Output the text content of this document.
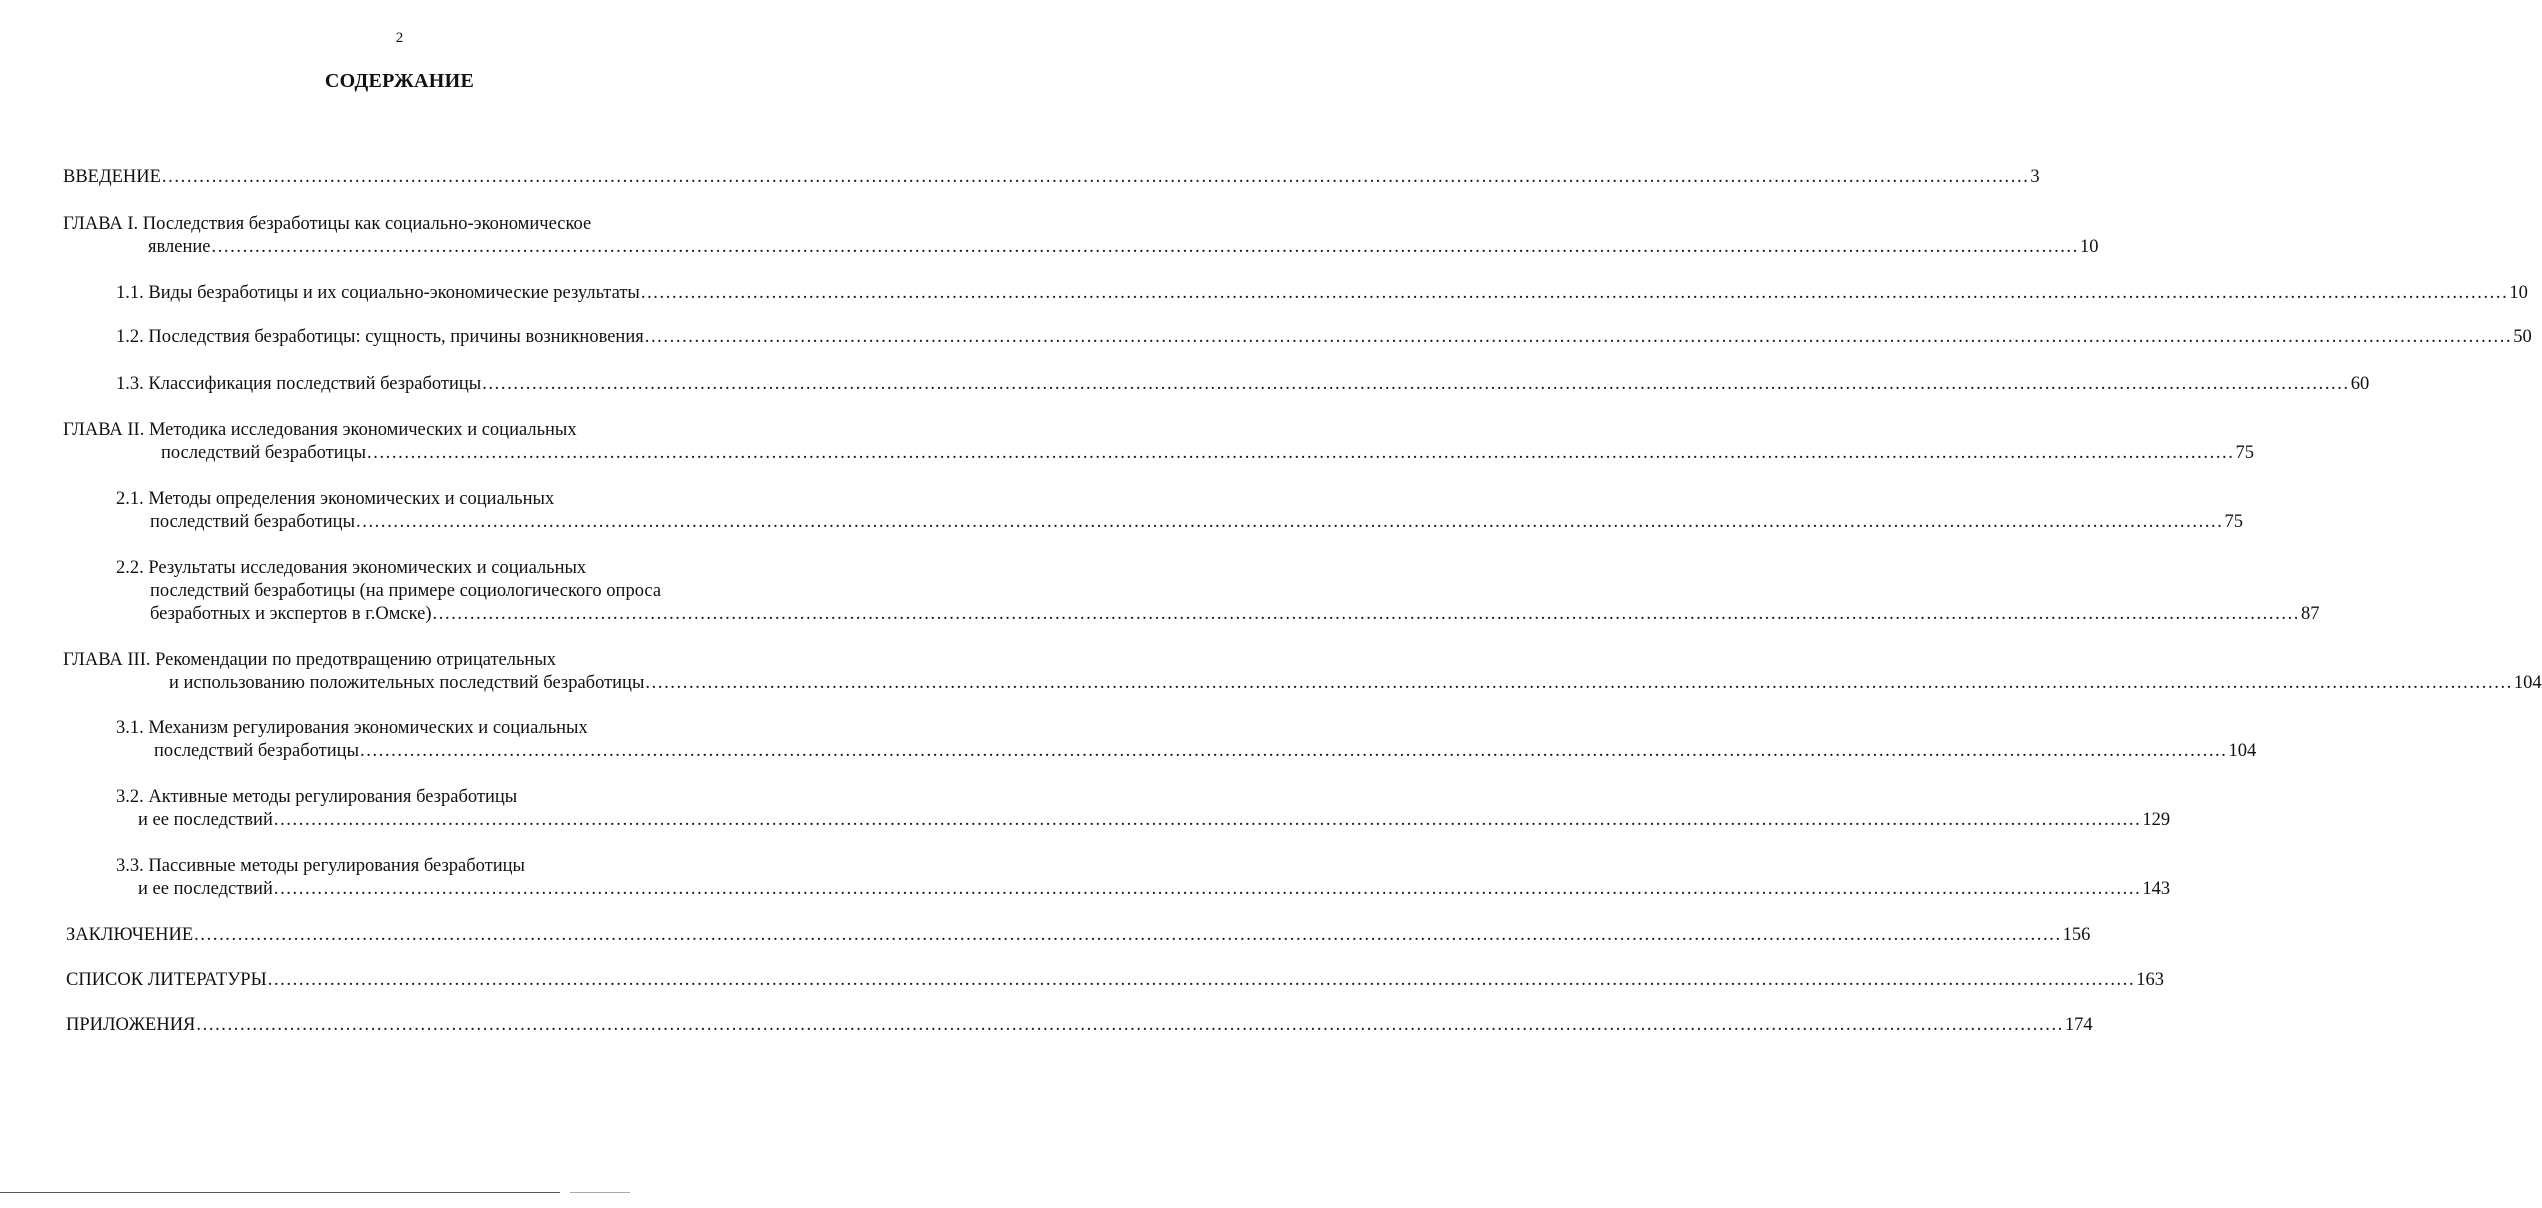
2
СОДЕРЖАНИЕ
ВВЕДЕНИЕ ............................................................................................................................................................................................................................................................................................................ 3
ГЛАВА I. Последствия безработицы как социально-экономическое
явление ............................................................................................................................................................................................................................................................................................................ 10
1.1. Виды безработицы и их социально-экономические результаты ............................................................................................................................................................................................................................................................................................................ 10
1.2. Последствия безработицы: сущность, причины возникновения ............................................................................................................................................................................................................................................................................................................ 50
1.3. Классификация последствий безработицы ............................................................................................................................................................................................................................................................................................................ 60
ГЛАВА II. Методика исследования экономических и социальных
последствий безработицы ............................................................................................................................................................................................................................................................................................................ 75
2.1. Методы определения экономических и социальных
последствий безработицы ............................................................................................................................................................................................................................................................................................................ 75
2.2. Результаты исследования экономических и социальных
последствий безработицы (на примере социологического опроса
безработных и экспертов в г.Омске) ............................................................................................................................................................................................................................................................................................................ 87
ГЛАВА III. Рекомендации по предотвращению отрицательных
и использованию положительных последствий безработицы ............................................................................................................................................................................................................................................................................................................ 104
3.1. Механизм регулирования экономических и социальных
последствий безработицы ............................................................................................................................................................................................................................................................................................................ 104
3.2. Активные методы регулирования безработицы
и ее последствий ............................................................................................................................................................................................................................................................................................................ 129
3.3. Пассивные методы регулирования безработицы
и ее последствий ............................................................................................................................................................................................................................................................................................................ 143
ЗАКЛЮЧЕНИЕ ............................................................................................................................................................................................................................................................................................................ 156
СПИСОК ЛИТЕРАТУРЫ ............................................................................................................................................................................................................................................................................................................ 163
ПРИЛОЖЕНИЯ ............................................................................................................................................................................................................................................................................................................ 174
